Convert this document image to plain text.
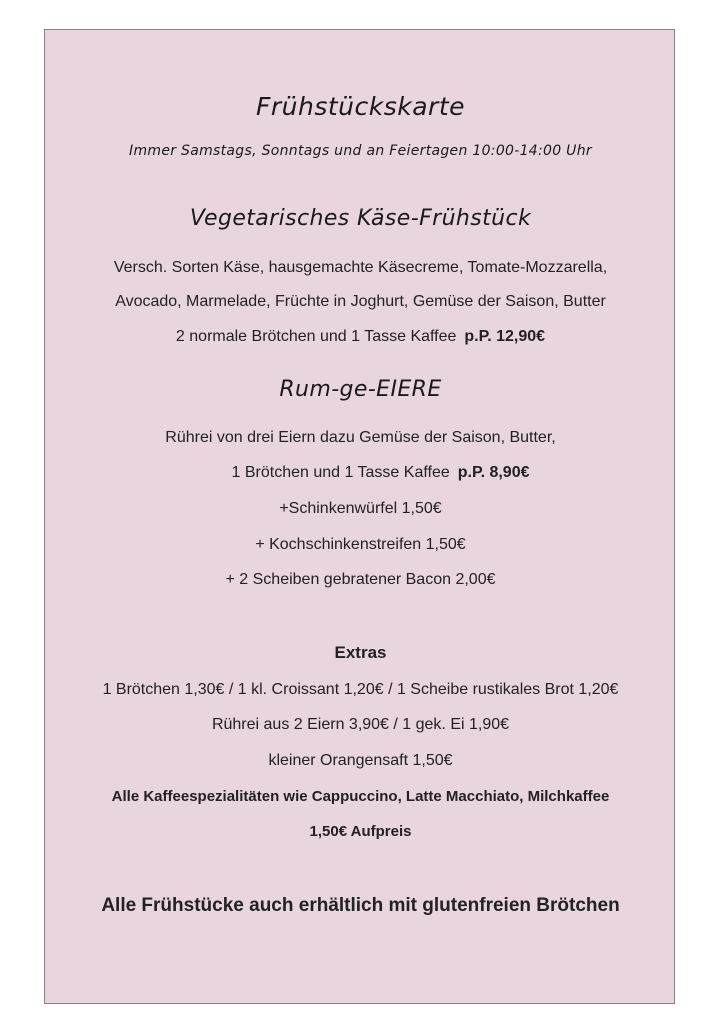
Frühstückskarte
Immer Samstags, Sonntags und an Feiertagen 10:00-14:00 Uhr
Vegetarisches Käse-Frühstück
Versch. Sorten Käse, hausgemachte Käsecreme, Tomate-Mozzarella,
Avocado, Marmelade, Früchte in Joghurt, Gemüse der Saison, Butter
2 normale Brötchen und 1 Tasse Kaffee p.P. 12,90€
Rum-ge-EIERE
Rührei von drei Eiern dazu Gemüse der Saison, Butter,
1 Brötchen und 1 Tasse Kaffee p.P. 8,90€
+Schinkenwürfel 1,50€
+ Kochschinkenstreifen 1,50€
+ 2 Scheiben gebratener Bacon 2,00€
Extras
1 Brötchen 1,30€ / 1 kl. Croissant 1,20€ / 1 Scheibe rustikales Brot 1,20€
Rührei aus 2 Eiern 3,90€ / 1 gek. Ei 1,90€
kleiner Orangensaft 1,50€
Alle Kaffeespezialitäten wie Cappuccino, Latte Macchiato, Milchkaffee
1,50€ Aufpreis
Alle Frühstücke auch erhältlich mit glutenfreien Brötchen
